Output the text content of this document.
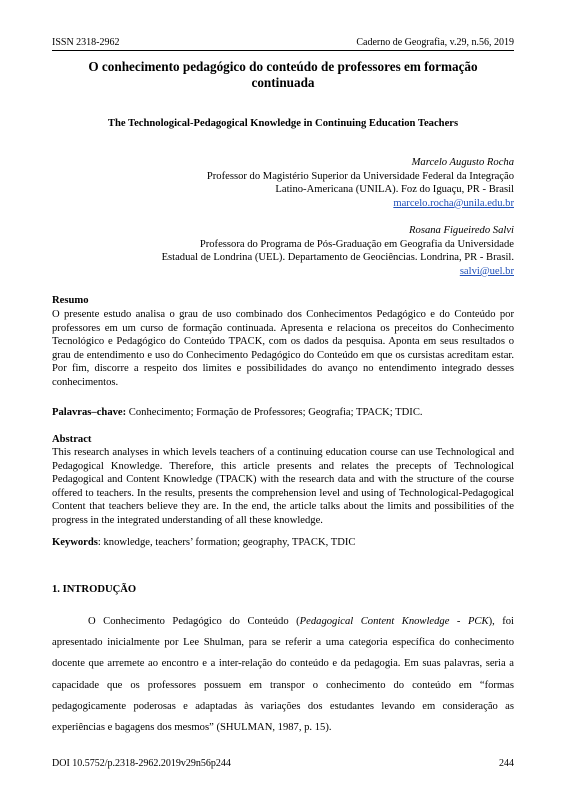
ISSN 2318-2962	Caderno de Geografia, v.29, n.56, 2019
O conhecimento pedagógico do conteúdo de professores em formação
continuada
The Technological-Pedagogical Knowledge in Continuing Education Teachers
Marcelo Augusto Rocha
Professor do Magistério Superior da Universidade Federal da Integração
Latino-Americana (UNILA). Foz do Iguaçu, PR - Brasil
marcelo.rocha@unila.edu.br
Rosana Figueiredo Salvi
Professora do Programa de Pós-Graduação em Geografia da Universidade
Estadual de Londrina (UEL). Departamento de Geociências. Londrina, PR - Brasil.
salvi@uel.br
Resumo
O presente estudo analisa o grau de uso combinado dos Conhecimentos Pedagógico e do Conteúdo por professores em um curso de formação continuada. Apresenta e relaciona os preceitos do Conhecimento Tecnológico e Pedagógico do Conteúdo TPACK, com os dados da pesquisa. Aponta em seus resultados o grau de entendimento e uso do Conhecimento Pedagógico do Conteúdo em que os cursistas acreditam estar. Por fim, discorre a respeito dos limites e possibilidades do avanço no entendimento integrado desses conhecimentos.
Palavras–chave: Conhecimento; Formação de Professores; Geografia; TPACK; TDIC.
Abstract
This research analyses in which levels teachers of a continuing education course can use Technological and Pedagogical Knowledge. Therefore, this article presents and relates the precepts of Technological Pedagogical and Content Knowledge (TPACK) with the research data and with the structure of the course offered to teachers. In the results, presents the comprehension level and using of Technological-Pedagogical Content that teachers believe they are. In the end, the article talks about the limits and possibilities of the progress in the integrated understanding of all these knowledge.
Keywords: knowledge, teachers’ formation; geography, TPACK, TDIC
1. INTRODUÇÃO
O Conhecimento Pedagógico do Conteúdo (Pedagogical Content Knowledge - PCK), foi apresentado inicialmente por Lee Shulman, para se referir a uma categoria específica do conhecimento docente que arremete ao encontro e a inter-relação do conteúdo e da pedagogia. Em suas palavras, seria a capacidade que os professores possuem em transpor o conhecimento do conteúdo em “formas pedagogicamente poderosas e adaptadas às variações dos estudantes levando em consideração as experiências e bagagens dos mesmos” (SHULMAN, 1987, p. 15).
DOI 10.5752/p.2318-2962.2019v29n56p244	244
